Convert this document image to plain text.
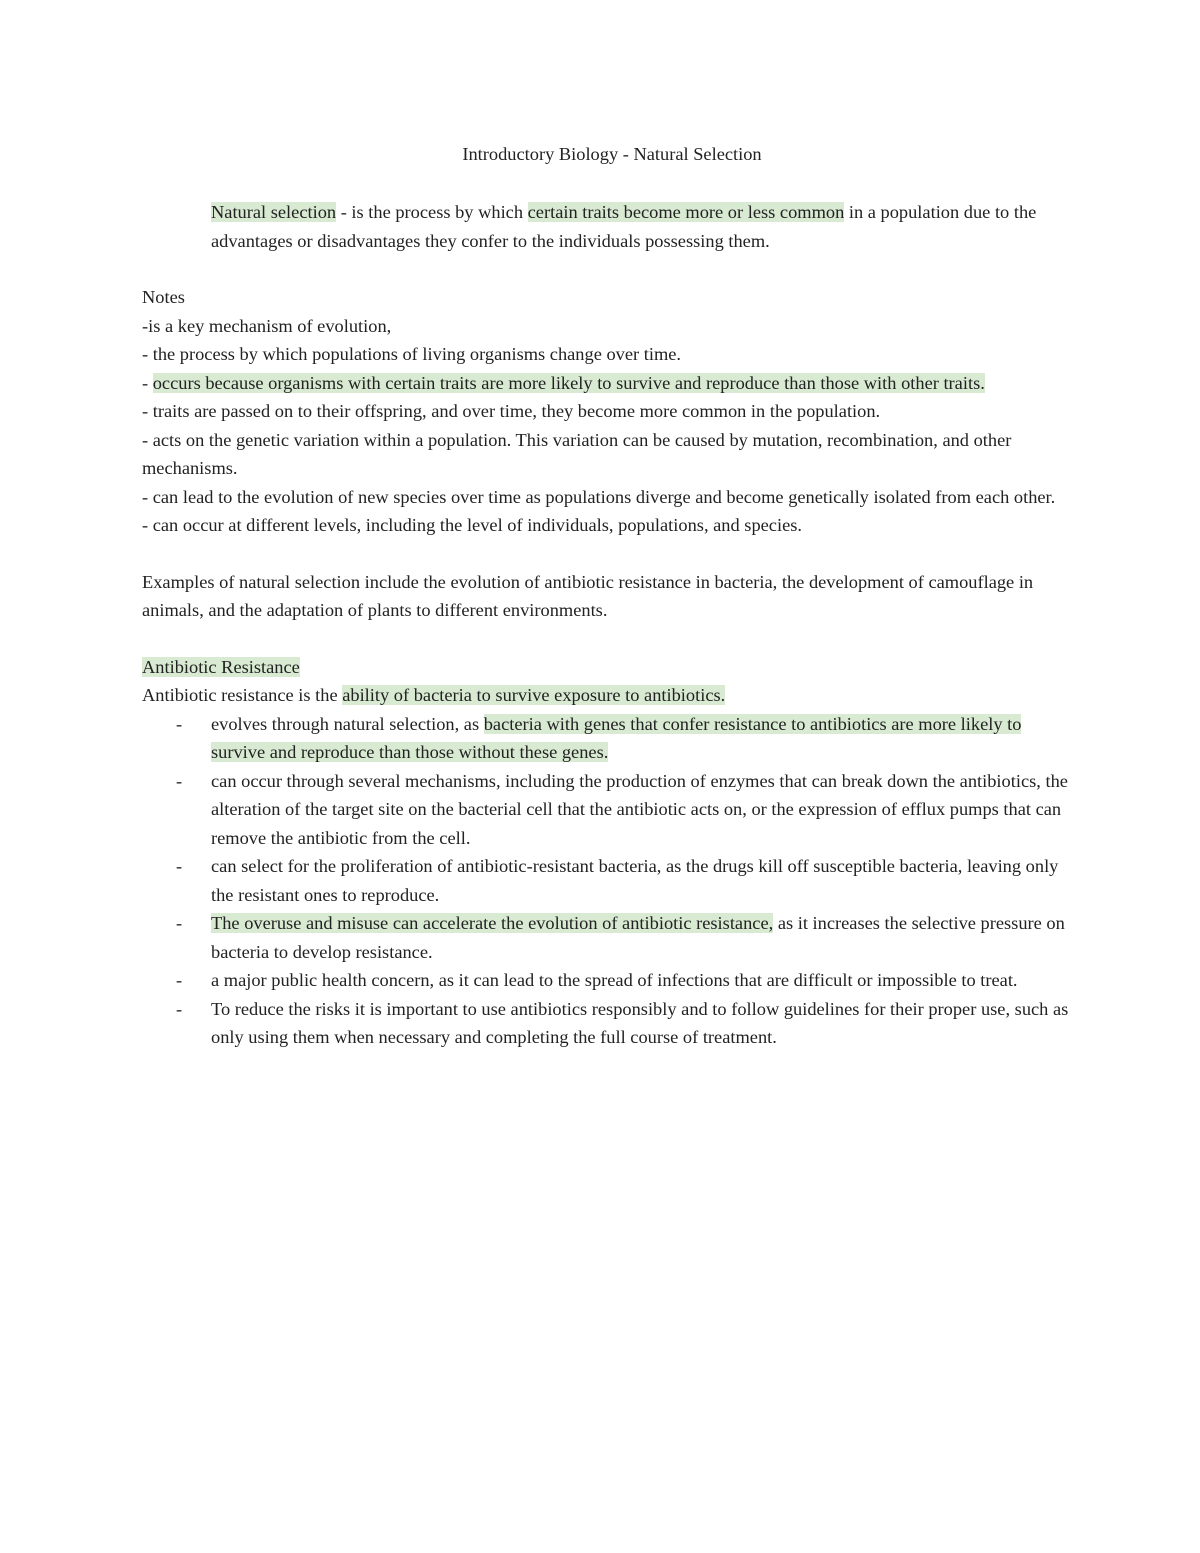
Introductory Biology - Natural Selection

Natural selection - is the process by which certain traits become more or less common in a population due to the advantages or disadvantages they confer to the individuals possessing them.

Notes

-is a key mechanism of evolution,
- the process by which populations of living organisms change over time.
- occurs because organisms with certain traits are more likely to survive and reproduce than those with other traits.
- traits are passed on to their offspring, and over time, they become more common in the population.
- acts on the genetic variation within a population. This variation can be caused by mutation, recombination, and other mechanisms.
- can lead to the evolution of new species over time as populations diverge and become genetically isolated from each other.
- can occur at different levels, including the level of individuals, populations, and species.

Examples of natural selection include the evolution of antibiotic resistance in bacteria, the development of camouflage in animals, and the adaptation of plants to different environments.

Antibiotic Resistance

Antibiotic resistance is the ability of bacteria to survive exposure to antibiotics.

- evolves through natural selection, as bacteria with genes that confer resistance to antibiotics are more likely to survive and reproduce than those without these genes.
- can occur through several mechanisms, including the production of enzymes that can break down the antibiotics, the alteration of the target site on the bacterial cell that the antibiotic acts on, or the expression of efflux pumps that can remove the antibiotic from the cell.
- can select for the proliferation of antibiotic-resistant bacteria, as the drugs kill off susceptible bacteria, leaving only the resistant ones to reproduce.
- The overuse and misuse can accelerate the evolution of antibiotic resistance, as it increases the selective pressure on bacteria to develop resistance.
- a major public health concern, as it can lead to the spread of infections that are difficult or impossible to treat.
- To reduce the risks it is important to use antibiotics responsibly and to follow guidelines for their proper use, such as only using them when necessary and completing the full course of treatment.
